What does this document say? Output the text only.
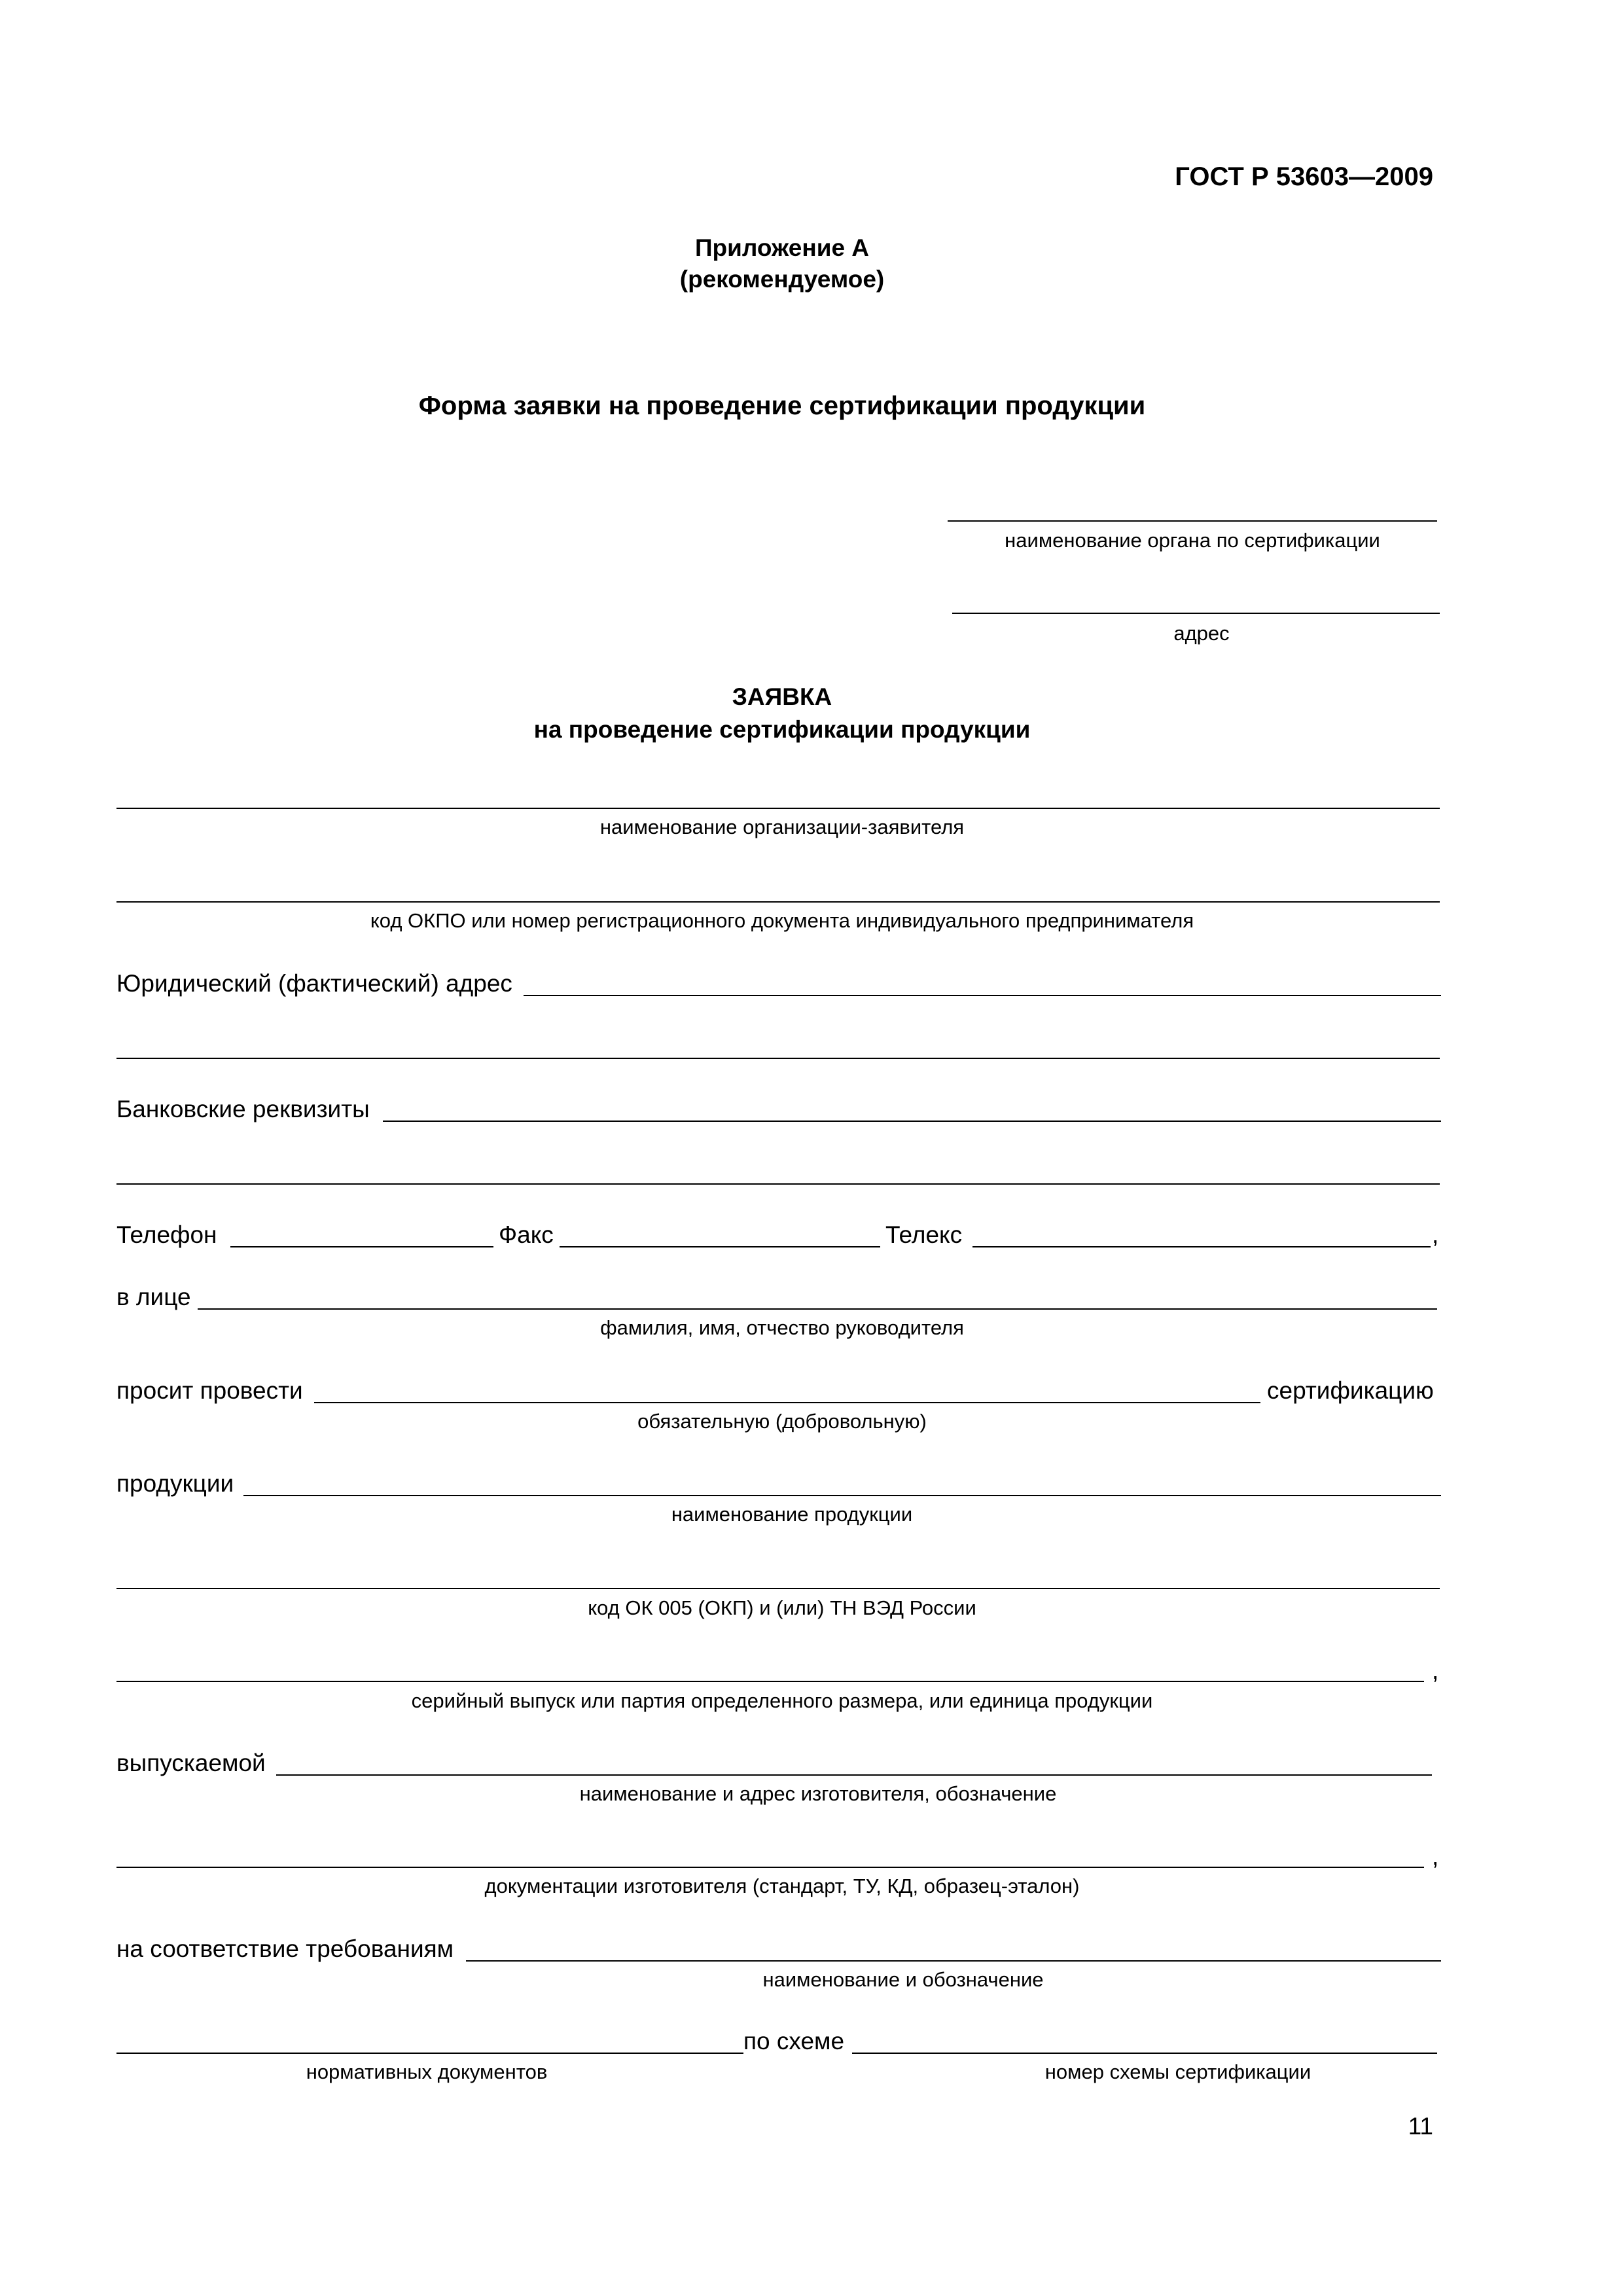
ГОСТ Р 53603—2009
Приложение А
(рекомендуемое)
Форма заявки на проведение сертификации продукции
наименование органа по сертификации
адрес
ЗАЯВКА
на проведение сертификации продукции
наименование организации-заявителя
код ОКПО или номер регистрационного документа индивидуального предпринимателя
Юридический (фактический) адрес
Банковские реквизиты
Телефон	Факс	Телекс	,
в лице
фамилия, имя, отчество руководителя
просит провести	сертификацию
обязательную (добровольную)
продукции
наименование продукции
код ОК 005 (ОКП) и (или) ТН ВЭД России
,
серийный выпуск или партия определенного размера, или единица продукции
выпускаемой
наименование и адрес изготовителя, обозначение
,
документации изготовителя (стандарт, ТУ, КД, образец-эталон)
на соответствие требованиям
наименование и обозначение
по схеме
нормативных документов	номер схемы сертификации
11
